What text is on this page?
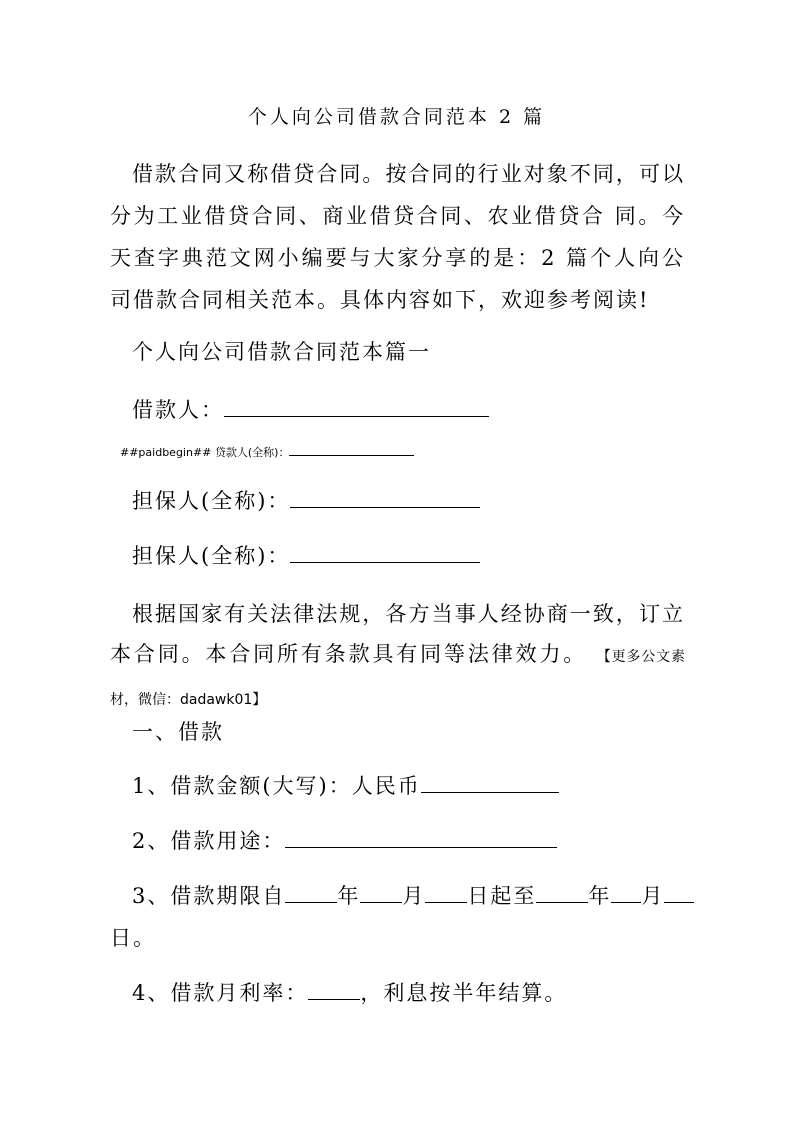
个人向公司借款合同范本 2 篇
借款合同又称借贷合同。按合同的行业对象不同，可以分为工业借贷合同、商业借贷合同、农业借贷合 同。今天查字典范文网小编要与大家分享的是：2 篇个人向公司借款合同相关范本。具体内容如下，欢迎参考阅读!
个人向公司借款合同范本篇一
借款人：
##paidbegin## 贷款人(全称)：
担保人(全称)：
担保人(全称)：
根据国家有关法律法规，各方当事人经协商一致，订立本合同。本合同所有条款具有同等法律效力。 【更多公文素材，微信：dadawk01】
一、借款
1、借款金额(大写)：人民币
2、借款用途：
3、借款期限自 年 月 日起至 年 月
日。
4、借款月利率： ，利息按半年结算。
